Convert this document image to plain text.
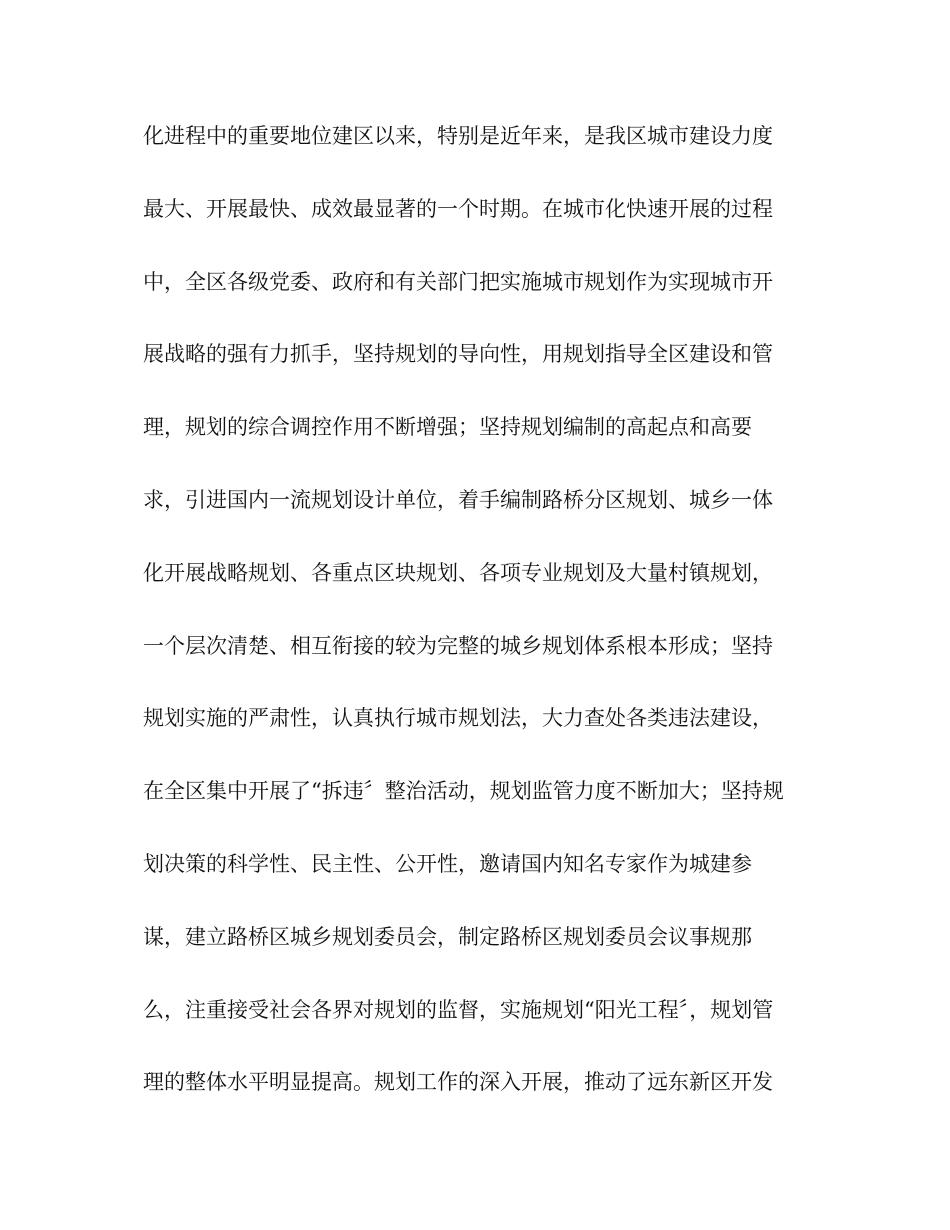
化进程中的重要地位建区以来，特别是近年来，是我区城市建设力度
最大、开展最快、成效最显著的一个时期。在城市化快速开展的过程
中，全区各级党委、政府和有关部门把实施城市规划作为实现城市开
展战略的强有力抓手，坚持规划的导向性，用规划指导全区建设和管
理，规划的综合调控作用不断增强；坚持规划编制的高起点和高要
求，引进国内一流规划设计单位，着手编制路桥分区规划、城乡一体
化开展战略规划、各重点区块规划、各项专业规划及大量村镇规划，
一个层次清楚、相互衔接的较为完整的城乡规划体系根本形成；坚持
规划实施的严肃性，认真执行城市规划法，大力查处各类违法建设，
在全区集中开展了“拆违〞整治活动，规划监管力度不断加大；坚持规
划决策的科学性、民主性、公开性，邀请国内知名专家作为城建参
谋，建立路桥区城乡规划委员会，制定路桥区规划委员会议事规那
么，注重接受社会各界对规划的监督，实施规划“阳光工程〞，规划管
理的整体水平明显提高。规划工作的深入开展，推动了远东新区开发
